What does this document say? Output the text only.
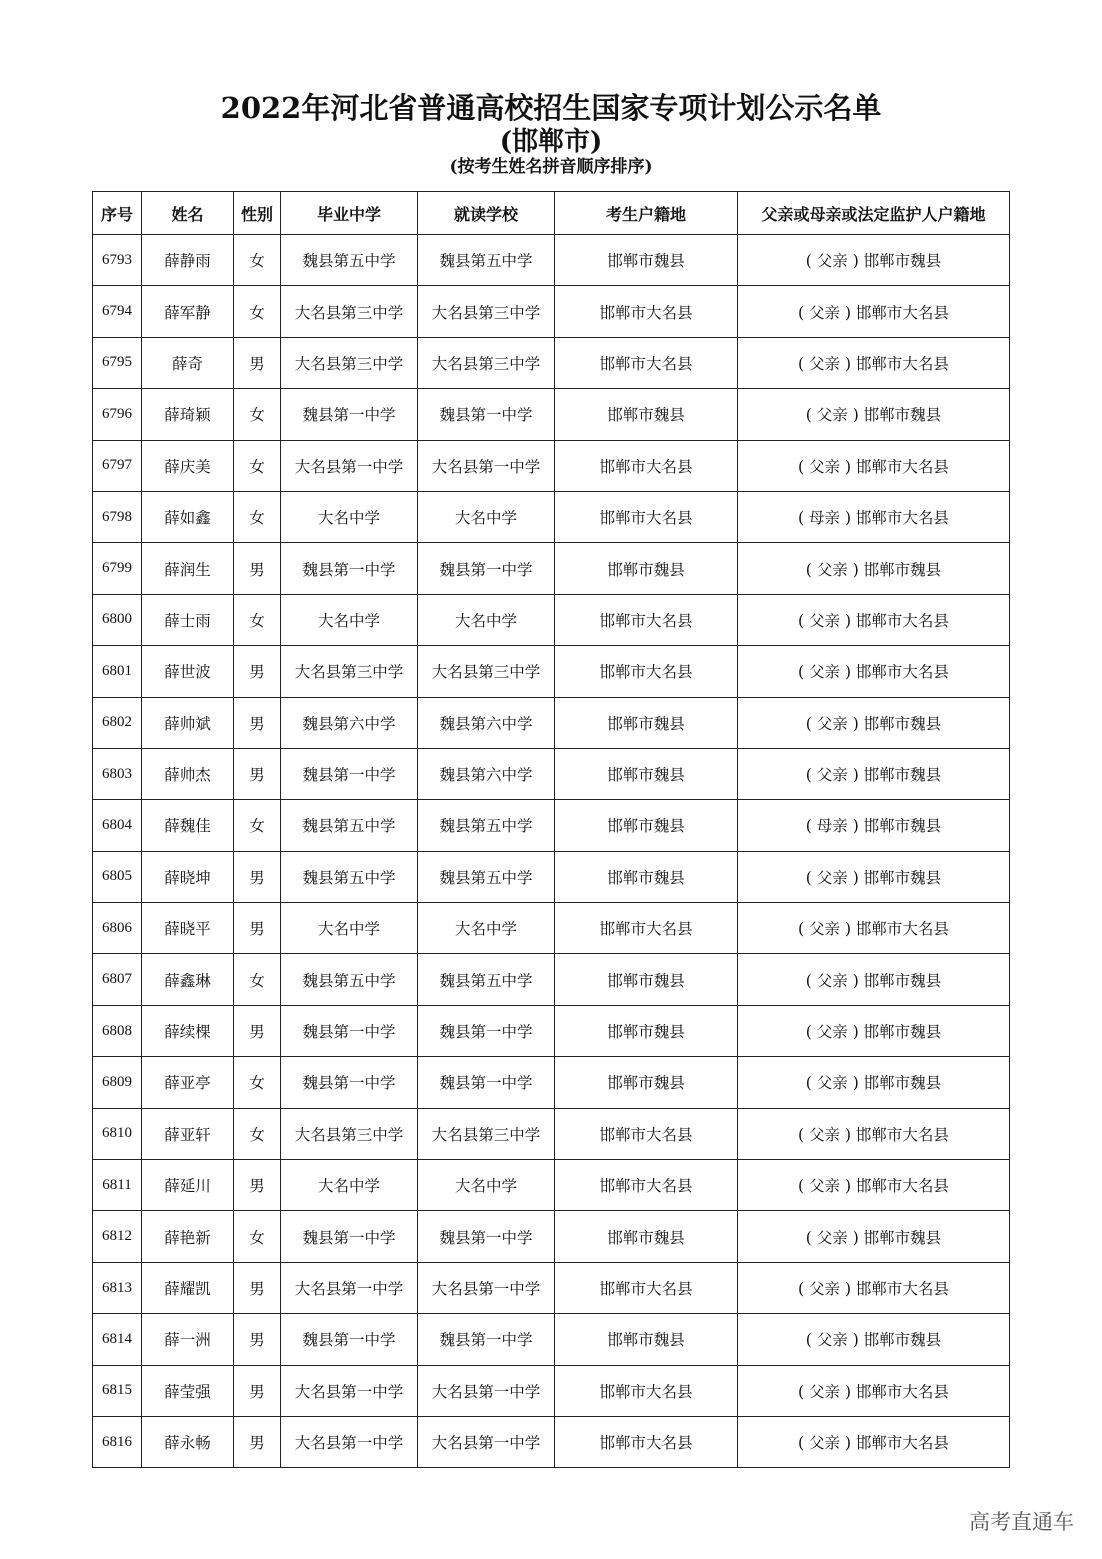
2022年河北省普通高校招生国家专项计划公示名单
(邯郸市)
(按考生姓名拼音顺序排序)
序号	姓名	性别	毕业中学	就读学校	考生户籍地	父亲或母亲或法定监护人户籍地
6793	薛静雨	女	魏县第五中学	魏县第五中学	邯郸市魏县	( 父亲 ) 邯郸市魏县
6794	薛军静	女	大名县第三中学	大名县第三中学	邯郸市大名县	( 父亲 ) 邯郸市大名县
6795	薛奇	男	大名县第三中学	大名县第三中学	邯郸市大名县	( 父亲 ) 邯郸市大名县
6796	薛琦颖	女	魏县第一中学	魏县第一中学	邯郸市魏县	( 父亲 ) 邯郸市魏县
6797	薛庆美	女	大名县第一中学	大名县第一中学	邯郸市大名县	( 父亲 ) 邯郸市大名县
6798	薛如鑫	女	大名中学	大名中学	邯郸市大名县	( 母亲 ) 邯郸市大名县
6799	薛润生	男	魏县第一中学	魏县第一中学	邯郸市魏县	( 父亲 ) 邯郸市魏县
6800	薛士雨	女	大名中学	大名中学	邯郸市大名县	( 父亲 ) 邯郸市大名县
6801	薛世波	男	大名县第三中学	大名县第三中学	邯郸市大名县	( 父亲 ) 邯郸市大名县
6802	薛帅斌	男	魏县第六中学	魏县第六中学	邯郸市魏县	( 父亲 ) 邯郸市魏县
6803	薛帅杰	男	魏县第一中学	魏县第六中学	邯郸市魏县	( 父亲 ) 邯郸市魏县
6804	薛魏佳	女	魏县第五中学	魏县第五中学	邯郸市魏县	( 母亲 ) 邯郸市魏县
6805	薛晓坤	男	魏县第五中学	魏县第五中学	邯郸市魏县	( 父亲 ) 邯郸市魏县
6806	薛晓平	男	大名中学	大名中学	邯郸市大名县	( 父亲 ) 邯郸市大名县
6807	薛鑫琳	女	魏县第五中学	魏县第五中学	邯郸市魏县	( 父亲 ) 邯郸市魏县
6808	薛续棵	男	魏县第一中学	魏县第一中学	邯郸市魏县	( 父亲 ) 邯郸市魏县
6809	薛亚亭	女	魏县第一中学	魏县第一中学	邯郸市魏县	( 父亲 ) 邯郸市魏县
6810	薛亚轩	女	大名县第三中学	大名县第三中学	邯郸市大名县	( 父亲 ) 邯郸市大名县
6811	薛延川	男	大名中学	大名中学	邯郸市大名县	( 父亲 ) 邯郸市大名县
6812	薛艳新	女	魏县第一中学	魏县第一中学	邯郸市魏县	( 父亲 ) 邯郸市魏县
6813	薛耀凯	男	大名县第一中学	大名县第一中学	邯郸市大名县	( 父亲 ) 邯郸市大名县
6814	薛一洲	男	魏县第一中学	魏县第一中学	邯郸市魏县	( 父亲 ) 邯郸市魏县
6815	薛莹强	男	大名县第一中学	大名县第一中学	邯郸市大名县	( 父亲 ) 邯郸市大名县
6816	薛永畅	男	大名县第一中学	大名县第一中学	邯郸市大名县	( 父亲 ) 邯郸市大名县
高考直通车
